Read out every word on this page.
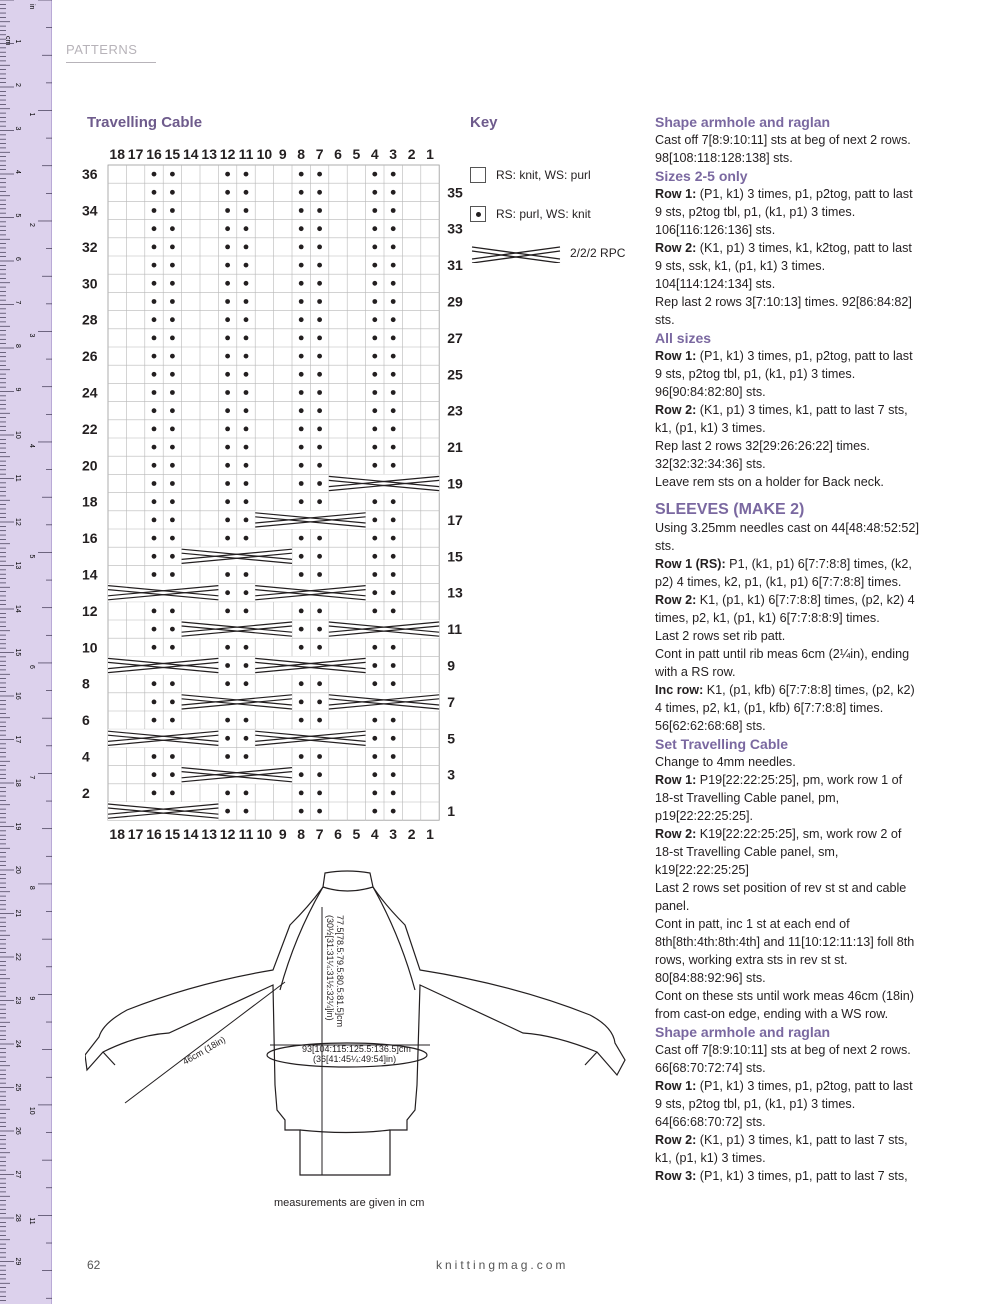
cm
in
1
2
3
4
5
6
7
8
9
10
11
12
13
14
15
16
17
18
19
20
21
22
23
24
25
26
27
28
29
1
2
3
4
5
6
7
8
9
10
11
PATTERNS
Travelling Cable	Key
18
18
17
17
16
16
15
15
14
14
13
13
12
12
11
11
10
10
9
9
8
8
7
7
6
6
5
5
4
4
3
3
2
2
1
1
36
34
32
30
28
26
24
22
20
18
16
14
12
10
8
6
4
2
35
33
31
29
27
25
23
21
19
17
15
13
11
9
7
5
3
1
RS: knit, WS: purl
RS: purl, WS: knit
2/2/2 RPC

Shape armhole and raglan

Cast off 7[8:9:10:11] sts at beg of next 2 rows. 98[108:118:128:138] sts.

Sizes 2-5 only

Row 1: (P1, k1) 3 times, p1, p2tog, patt to last 9 sts, p2tog tbl, p1, (k1, p1) 3 times. 106[116:126:136] sts.

Row 2: (K1, p1) 3 times, k1, k2tog, patt to last 9 sts, ssk, k1, (p1, k1) 3 times. 104[114:124:134] sts.

Rep last 2 rows 3[7:10:13] times. 92[86:84:82] sts.

All sizes

Row 1: (P1, k1) 3 times, p1, p2tog, patt to last 9 sts, p2tog tbl, p1, (k1, p1) 3 times. 96[90:84:82:80] sts.

Row 2: (K1, p1) 3 times, k1, patt to last 7 sts, k1, (p1, k1) 3 times.

Rep last 2 rows 32[29:26:26:22] times. 32[32:32:34:36] sts.

Leave rem sts on a holder for Back neck.

SLEEVES (MAKE 2)

Using 3.25mm needles cast on 44[48:48:52:52] sts.

Row 1 (RS): P1, (k1, p1) 6[7:7:8:8] times, (k2, p2) 4 times, k2, p1, (k1, p1) 6[7:7:8:8] times.

Row 2: K1, (p1, k1) 6[7:7:8:8] times, (p2, k2) 4 times, p2, k1, (p1, k1) 6[7:7:8:8:9] times.

Last 2 rows set rib patt.

Cont in patt until rib meas 6cm (2¼in), ending with a RS row.

Inc row: K1, (p1, kfb) 6[7:7:8:8] times, (p2, k2) 4 times, p2, k1, (p1, kfb) 6[7:7:8:8] times. 56[62:62:68:68] sts.

Set Travelling Cable

Change to 4mm needles.

Row 1: P19[22:22:25:25], pm, work row 1 of 18-st Travelling Cable panel, pm, p19[22:22:25:25].

Row 2: K19[22:22:25:25], sm, work row 2 of 18-st Travelling Cable panel, sm, k19[22:22:25:25]

Last 2 rows set position of rev st st and cable panel.

Cont in patt, inc 1 st at each end of 8th[8th:4th:8th:4th] and 11[10:12:11:13] foll 8th rows, working extra sts in rev st st. 80[84:88:92:96] sts.

Cont on these sts until work meas 46cm (18in) from cast-on edge, ending with a WS row.

Shape armhole and raglan

Cast off 7[8:9:10:11] sts at beg of next 2 rows. 66[68:70:72:74] sts.

Row 1: (P1, k1) 3 times, p1, p2tog, patt to last 9 sts, p2tog tbl, p1, (k1, p1) 3 times. 64[66:68:70:72] sts.

Row 2: (K1, p1) 3 times, k1, patt to last 7 sts, k1, (p1, k1) 3 times.

Row 3: (P1, k1) 3 times, p1, patt to last 7 sts,

77.5[78.5:79.5:80.5:81.5]cm
(30½[31:31¼:31½:32¼]in)
46cm (18in)	93[104:115:125.5:136.5]cm
(36[41:45¼:49:54]in)
measurements are given in cm
62	knittingmag.com
